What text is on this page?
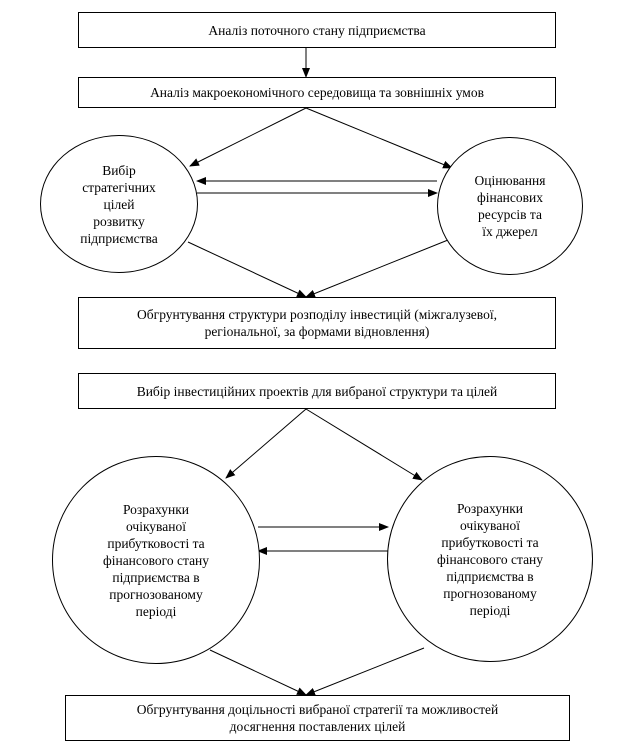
Аналіз поточного стану підприємства
Аналіз макроекономічного середовища та зовнішніх умов
Вибір
стратегічних
цілей
розвитку
підприємства
Оцінювання
фінансових
ресурсів та
їх джерел
Обгрунтування структури розподілу інвестицій (міжгалузевої,
регіональної, за формами відновлення)
Вибір інвестиційних проектів для вибраної структури та цілей
Розрахунки
очікуваної
прибутковості та
фінансового стану
підприємства в
прогнозованому
періоді
Розрахунки
очікуваної
прибутковості та
фінансового стану
підприємства в
прогнозованому
періоді
Обгрунтування доцільності вибраної стратегії та можливостей
досягнення поставлених цілей
